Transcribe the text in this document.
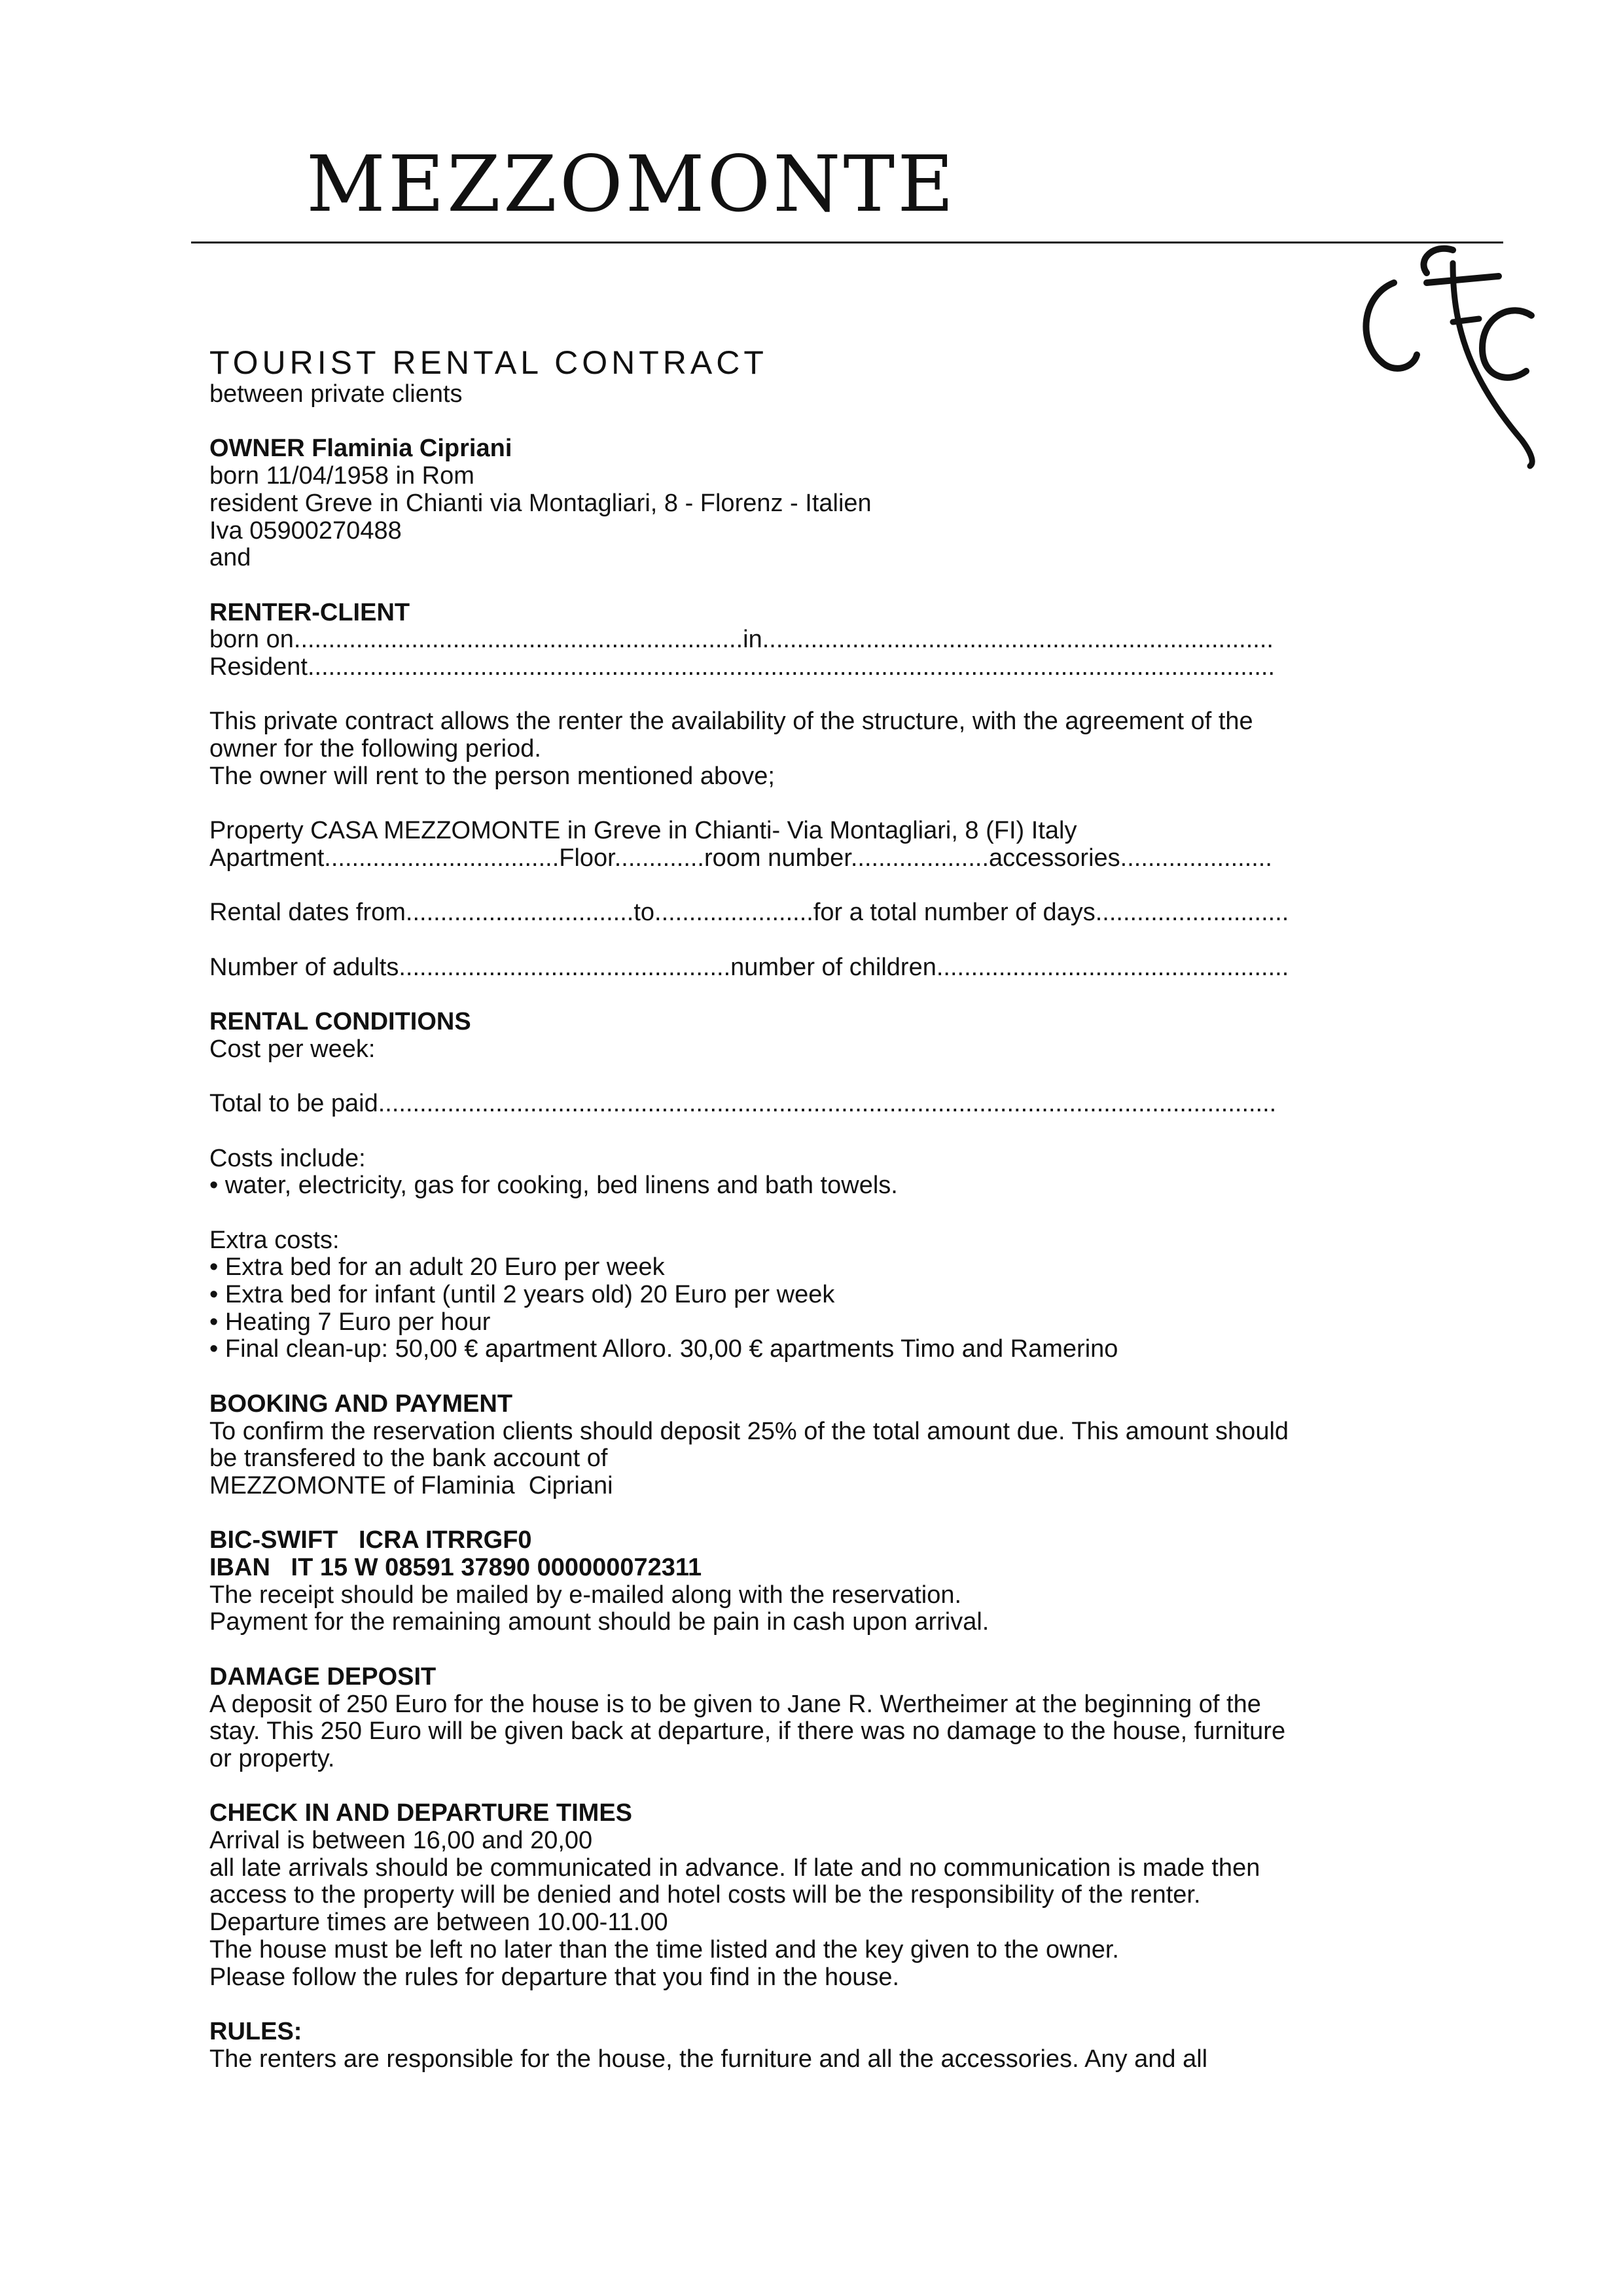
MEZZOMONTE
FC
TOURIST RENTAL CONTRACT
between private clients
OWNER Flaminia Cipriani
born 11/04/1958 in Rom
resident Greve in Chianti via Montagliari, 8 - Florenz - Italien
Iva 05900270488
and
RENTER-CLIENT
born on.................................................................in..........................................................................
Resident............................................................................................................................................
This private contract allows the renter the availability of the structure, with the agreement of the
owner for the following period.
The owner will rent to the person mentioned above;
Property CASA MEZZOMONTE in Greve in Chianti- Via Montagliari, 8 (FI) Italy
Apartment..................................Floor.............room number....................accessories......................
Rental dates from.................................to.......................for a total number of days............................
Number of adults................................................number of children...................................................
RENTAL CONDITIONS
Cost per week:
Total to be paid..................................................................................................................................
Costs include:
• water, electricity, gas for cooking, bed linens and bath towels.
Extra costs:
• Extra bed for an adult 20 Euro per week
• Extra bed for infant (until 2 years old) 20 Euro per week
• Heating 7 Euro per hour
• Final clean-up: 50,00 € apartment Alloro. 30,00 € apartments Timo and Ramerino
BOOKING AND PAYMENT
To confirm the reservation clients should deposit 25% of the total amount due. This amount should
be transfered to the bank account of
MEZZOMONTE of Flaminia  Cipriani
BIC-SWIFT   ICRA ITRRGF0
IBAN   IT 15 W 08591 37890 000000072311
The receipt should be mailed by e-mailed along with the reservation.
Payment for the remaining amount should be pain in cash upon arrival.
DAMAGE DEPOSIT
A deposit of 250 Euro for the house is to be given to Jane R. Wertheimer at the beginning of the
stay. This 250 Euro will be given back at departure, if there was no damage to the house, furniture
or property.
CHECK IN AND DEPARTURE TIMES
Arrival is between 16,00 and 20,00
all late arrivals should be communicated in advance. If late and no communication is made then
access to the property will be denied and hotel costs will be the responsibility of the renter.
Departure times are between 10.00-11.00
The house must be left no later than the time listed and the key given to the owner.
Please follow the rules for departure that you find in the house.
RULES:
The renters are responsible for the house, the furniture and all the accessories. Any and all
